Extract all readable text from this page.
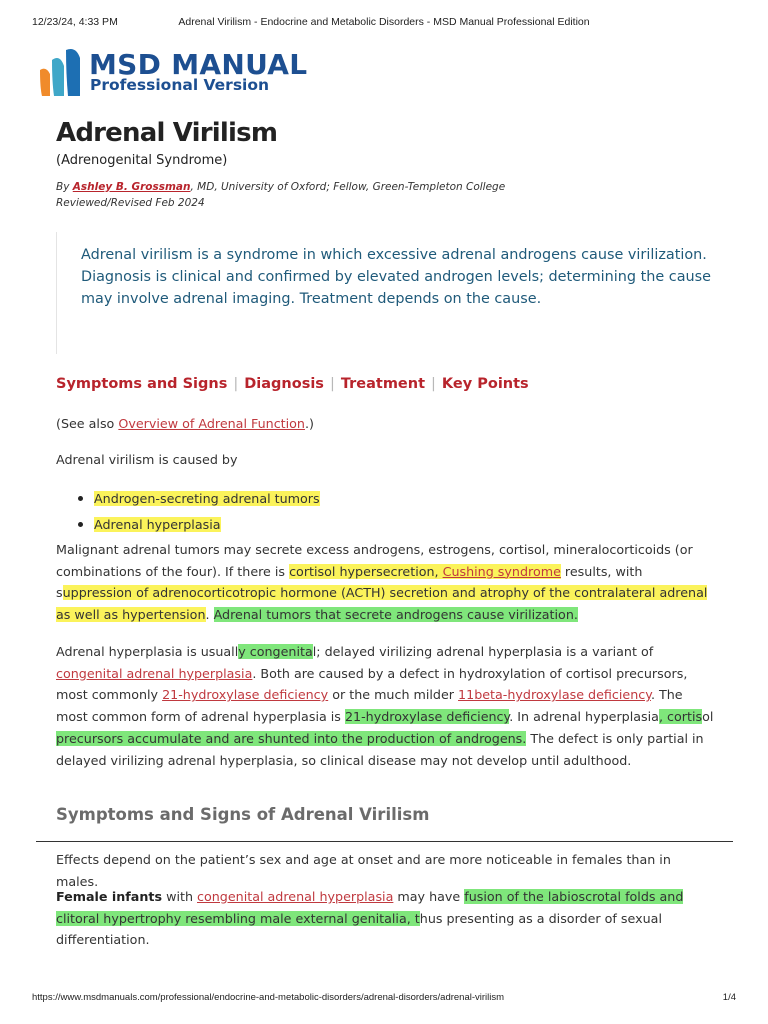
12/23/24, 4:33 PM	Adrenal Virilism - Endocrine and Metabolic Disorders - MSD Manual Professional Edition
MSD MANUAL
Professional Version
Adrenal Virilism
(Adrenogenital Syndrome)
By Ashley B. Grossman, MD, University of Oxford; Fellow, Green-Templeton College
Reviewed/Revised Feb 2024
Adrenal virilism is a syndrome in which excessive adrenal androgens cause virilization. Diagnosis is clinical and confirmed by elevated androgen levels; determining the cause may involve adrenal imaging. Treatment depends on the cause.
Symptoms and Signs | Diagnosis | Treatment | Key Points

(See also Overview of Adrenal Function.)

Adrenal virilism is caused by

Androgen-secreting adrenal tumors
Adrenal hyperplasia

Malignant adrenal tumors may secrete excess androgens, estrogens, cortisol, mineralocorticoids (or combinations of the four). If there is cortisol hypersecretion, Cushing syndrome results, with suppression of adrenocorticotropic hormone (ACTH) secretion and atrophy of the contralateral adrenal as well as hypertension. Adrenal tumors that secrete androgens cause virilization.

Adrenal hyperplasia is usually congenital; delayed virilizing adrenal hyperplasia is a variant of congenital adrenal hyperplasia. Both are caused by a defect in hydroxylation of cortisol precursors, most commonly 21-hydroxylase deficiency or the much milder 11beta-hydroxylase deficiency. The most common form of adrenal hyperplasia is 21-hydroxylase deficiency. In adrenal hyperplasia, cortisol precursors accumulate and are shunted into the production of androgens. The defect is only partial in delayed virilizing adrenal hyperplasia, so clinical disease may not develop until adulthood.

Symptoms and Signs of Adrenal Virilism

Effects depend on the patient’s sex and age at onset and are more noticeable in females than in males.

Female infants with congenital adrenal hyperplasia may have fusion of the labioscrotal folds and clitoral hypertrophy resembling male external genitalia, thus presenting as a disorder of sexual differentiation.

https://www.msdmanuals.com/professional/endocrine-and-metabolic-disorders/adrenal-disorders/adrenal-virilism	1/4
